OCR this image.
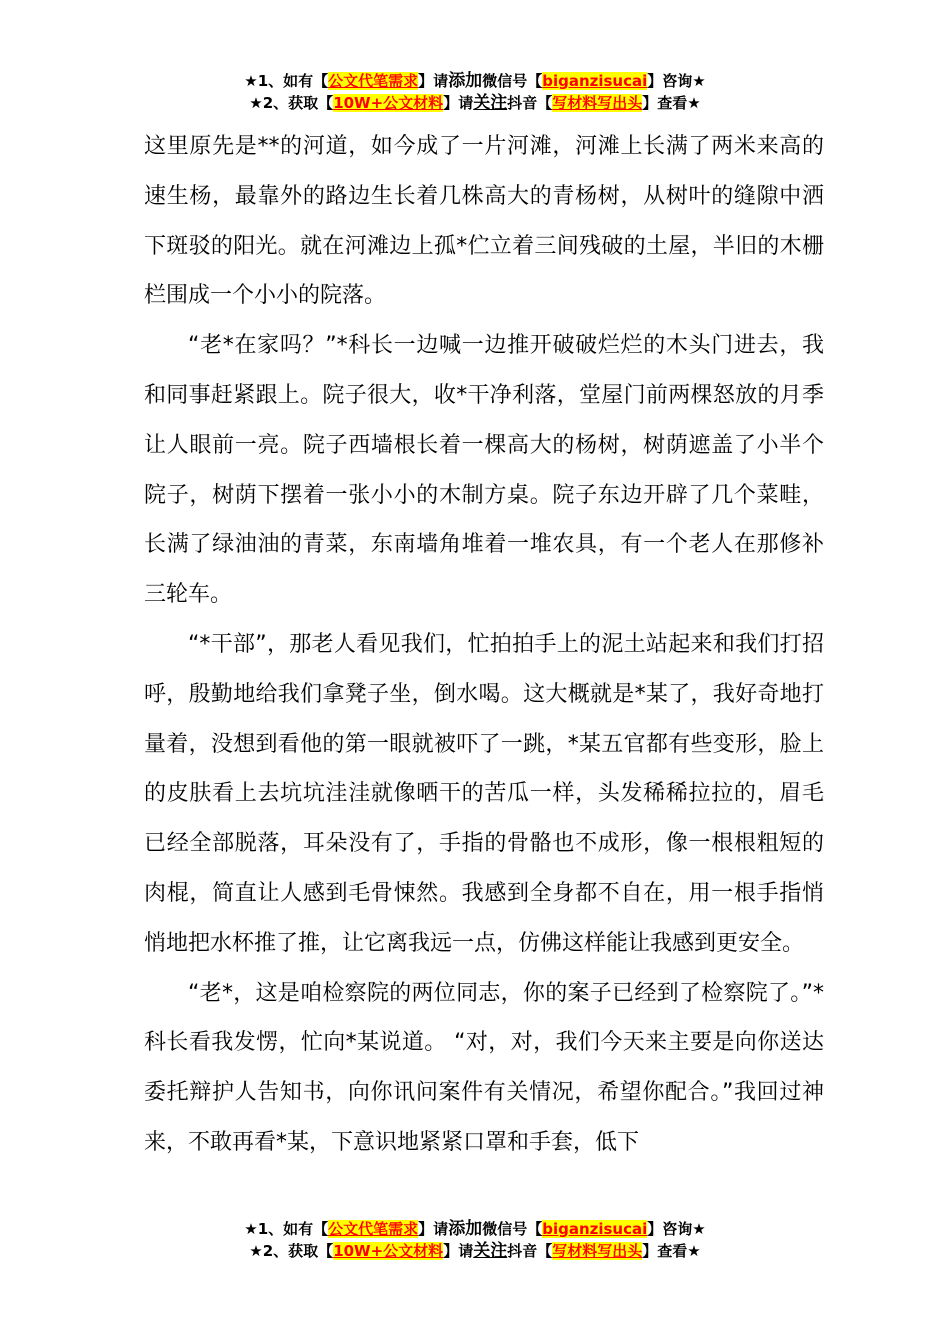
★1、如有【公文代笔需求】请添加微信号【biganzisucai】咨询★
★2、获取【10W+公文材料】请关注抖音【写材料写出头】查看★

这里原先是**的河道，如今成了一片河滩，河滩上长满了两米来高的速生杨，最靠外的路边生长着几株高大的青杨树，从树叶的缝隙中洒下斑驳的阳光。就在河滩边上孤*伫立着三间残破的土屋，半旧的木栅栏围成一个小小的院落。

“老*在家吗？”*科长一边喊一边推开破破烂烂的木头门进去，我和同事赶紧跟上。院子很大，收*干净利落，堂屋门前两棵怒放的月季让人眼前一亮。院子西墙根长着一棵高大的杨树，树荫遮盖了小半个院子，树荫下摆着一张小小的木制方桌。院子东边开辟了几个菜畦，长满了绿油油的青菜，东南墙角堆着一堆农具，有一个老人在那修补三轮车。

“*干部”，那老人看见我们，忙拍拍手上的泥土站起来和我们打招呼，殷勤地给我们拿凳子坐，倒水喝。这大概就是*某了，我好奇地打量着，没想到看他的第一眼就被吓了一跳，*某五官都有些变形，脸上的皮肤看上去坑坑洼洼就像晒干的苦瓜一样，头发稀稀拉拉的，眉毛已经全部脱落，耳朵没有了，手指的骨骼也不成形，像一根根粗短的肉棍，简直让人感到毛骨悚然。我感到全身都不自在，用一根手指悄悄地把水杯推了推，让它离我远一点，仿佛这样能让我感到更安全。

“老*，这是咱检察院的两位同志，你的案子已经到了检察院了。”*科长看我发愣，忙向*某说道。 “对，对，我们今天来主要是向你送达委托辩护人告知书，向你讯问案件有关情况，希望你配合。”我回过神来，不敢再看*某，下意识地紧紧口罩和手套，低下

★1、如有【公文代笔需求】请添加微信号【biganzisucai】咨询★
★2、获取【10W+公文材料】请关注抖音【写材料写出头】查看★
